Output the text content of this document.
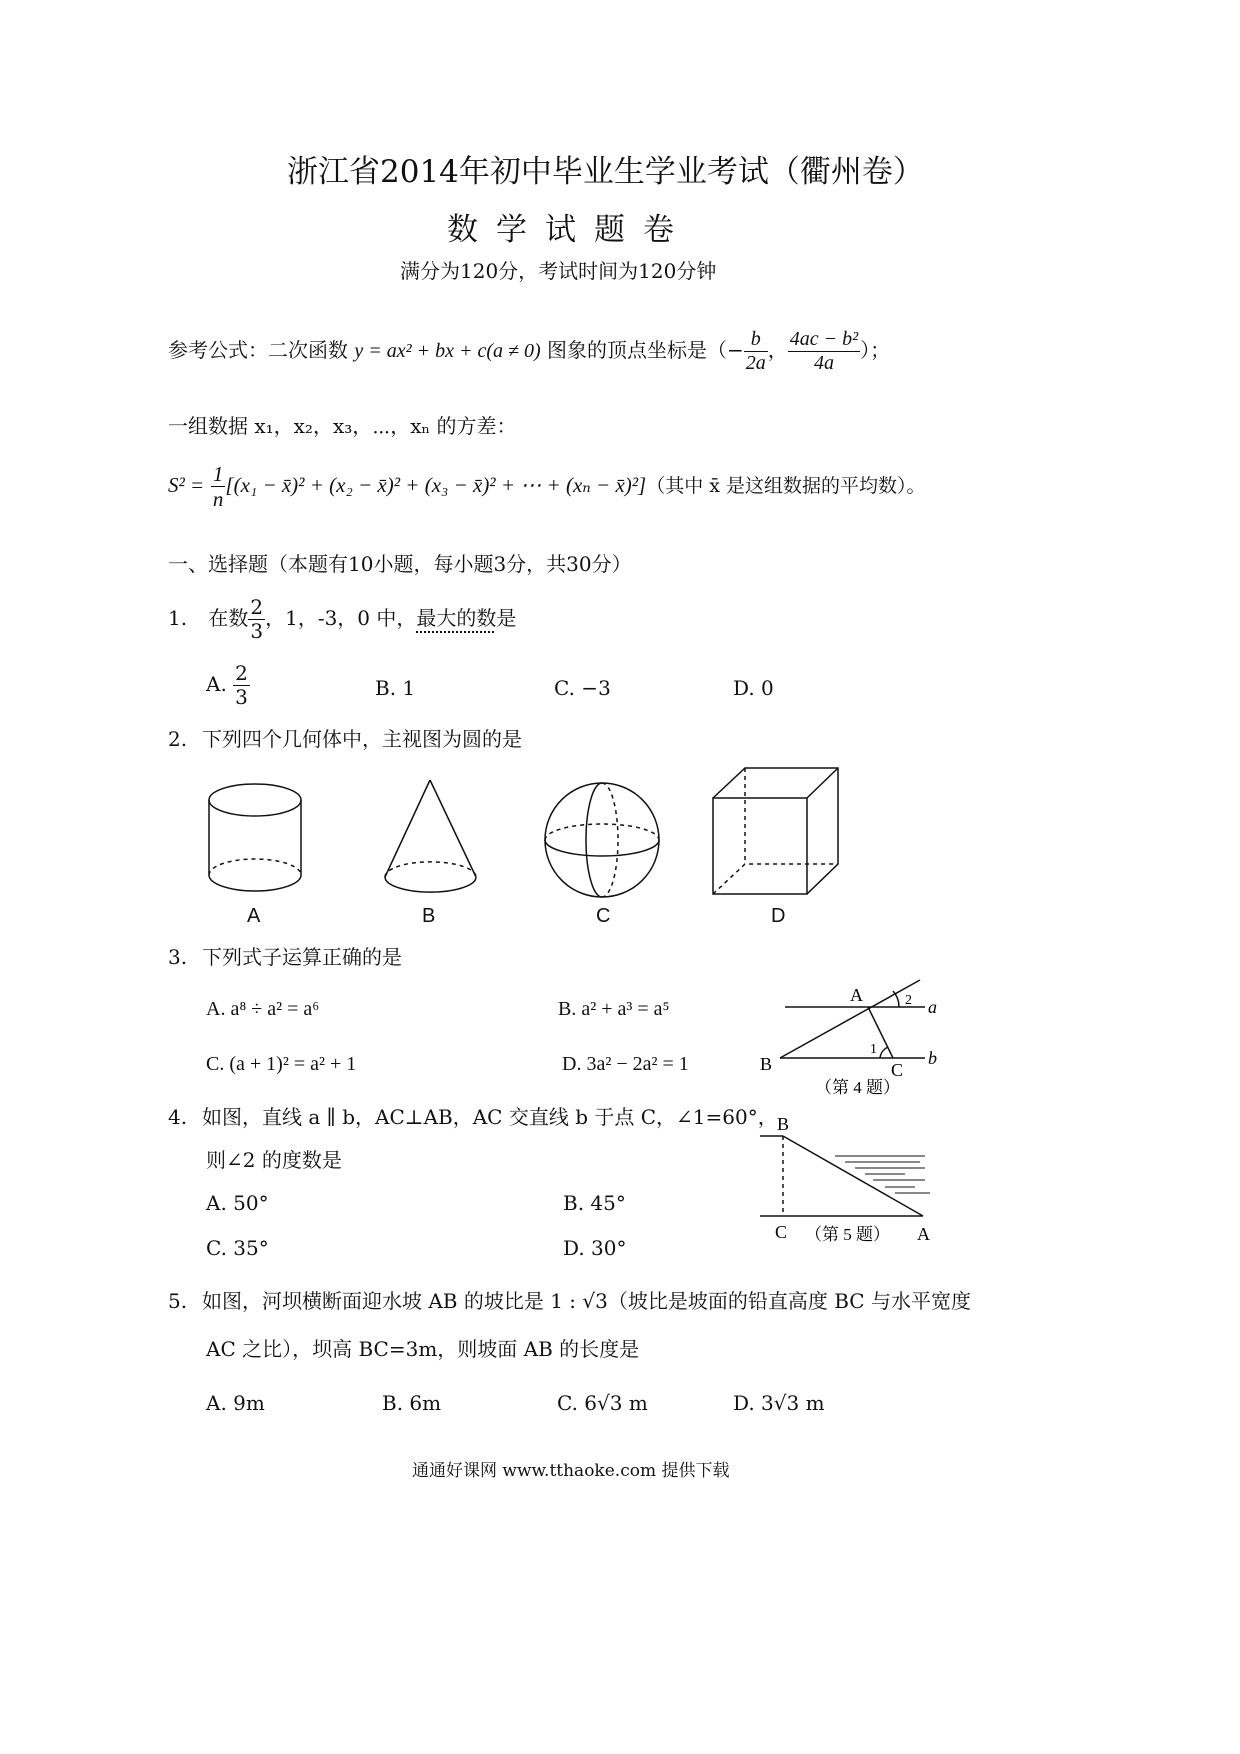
浙江省2014年初中毕业生学业考试（衢州卷）
数学试题卷
满分为120分，考试时间为120分钟
参考公式：二次函数 y = ax² + bx + c(a ≠ 0) 图象的顶点坐标是（− $\frac{b}{2a}$ ， $\frac{\text{4ac − b²}}{4a}$ ）；
一组数据 x₁，x₂，x₃，⋯，xₙ 的方差：
$S^2 = \frac{1}{n} [(x_1$ − x̄)² + (x₂ − x̄)² + (x₃ − x̄)² + ⋯ + (xₙ − x̄)²]（其中 x̄ 是这组数据的平均数）。
一、选择题（本题有10小题，每小题3分，共30分）
1. 在数 $\frac{2}{3}$ ，1，-3，0 中，最大的数是
A. $\frac{2}{3}$	B. 1	C. −3	D. 0
2. 下列四个几何体中，主视图为圆的是
A	B	C	D
3. 下列式子运算正确的是
A. a⁸ ÷ a² = a⁶	B. a² + a³ = a⁵
C. (a + 1)² = a² + 1	D. 3a² − 2a² = 1
A
B	C
1
2 a
b
（第 4 题）
4. 如图，直线 a ∥ b，AC⊥AB，AC 交直线 b 于点 C，∠1=60°，
则∠2 的度数是
A. 50°	B. 45°
C. 35°	D. 30°
B
C	A
（第 5 题）
5. 如图，河坝横断面迎水坡 AB 的坡比是 1 : √3（坡比是坡面的铅直高度 BC 与水平宽度
AC 之比），坝高 BC=3m，则坡面 AB 的长度是
A. 9m	B. 6m	C. 6√3 m	D. 3√3 m
通通好课网 www.tthaoke.com 提供下载
